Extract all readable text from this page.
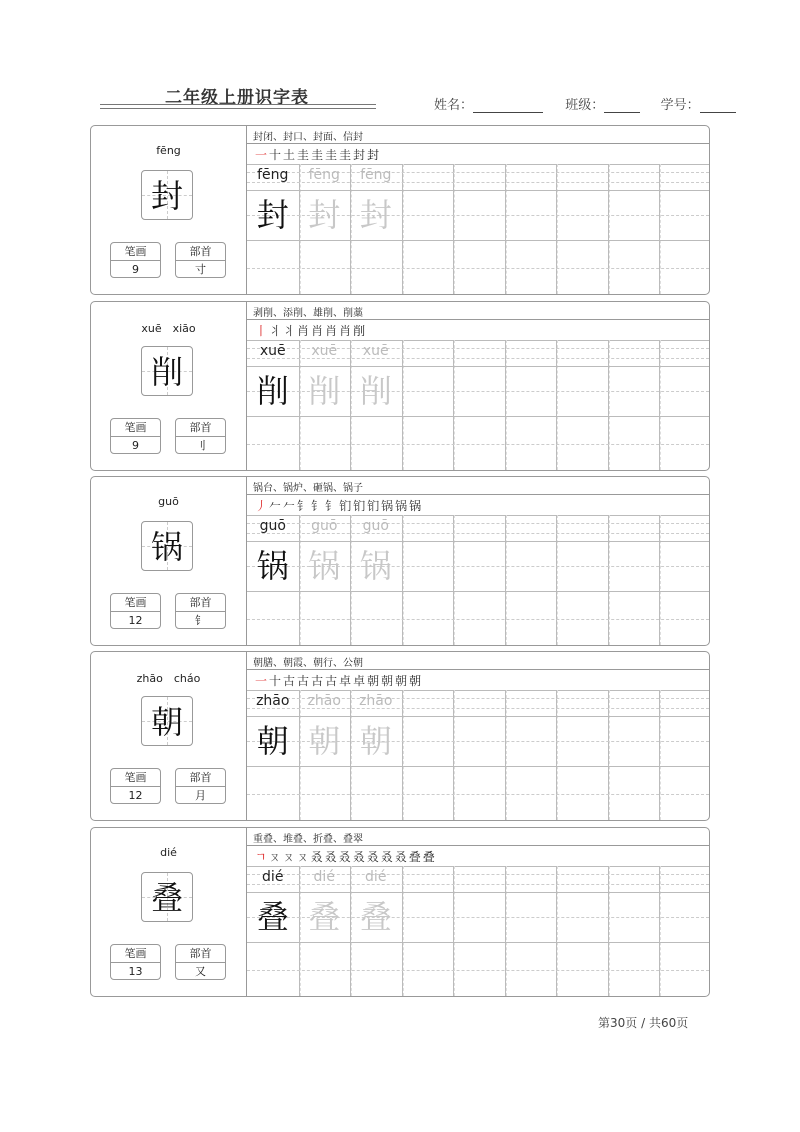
二年级上册识字表	姓名：	班级：	学号：
fēng
封
笔画
9
部首
寸
封闭、封口、封面、信封
一十土圭圭圭圭封封
fēng	fēng	fēng
封 封 封
xuē　xiāo
削
笔画
9
部首
刂
剥削、添削、雄削、削藁
丨丬丬肖肖肖肖削
xuē	xuē	xuē
削 削 削
guō
锅
笔画
12
部首
钅
锅台、锅炉、砸锅、锅子
丿𠂉𠂉钅钅钅钔钔钔锅锅锅
guō	guō	guō
锅 锅 锅
zhāo　cháo
朝
笔画
12
部首
月
朝膳、朝霞、朝行、公朝
一十古古古古卓卓朝朝朝朝
zhāo	zhāo	zhāo
朝 朝 朝
dié
叠
笔画
13
部首
又
重叠、堆叠、折叠、叠翠
ㄱㄡㄡㄡ叒叒叒叒叒叒叒叠叠
dié	dié	dié
叠 叠 叠
第30页 / 共60页
